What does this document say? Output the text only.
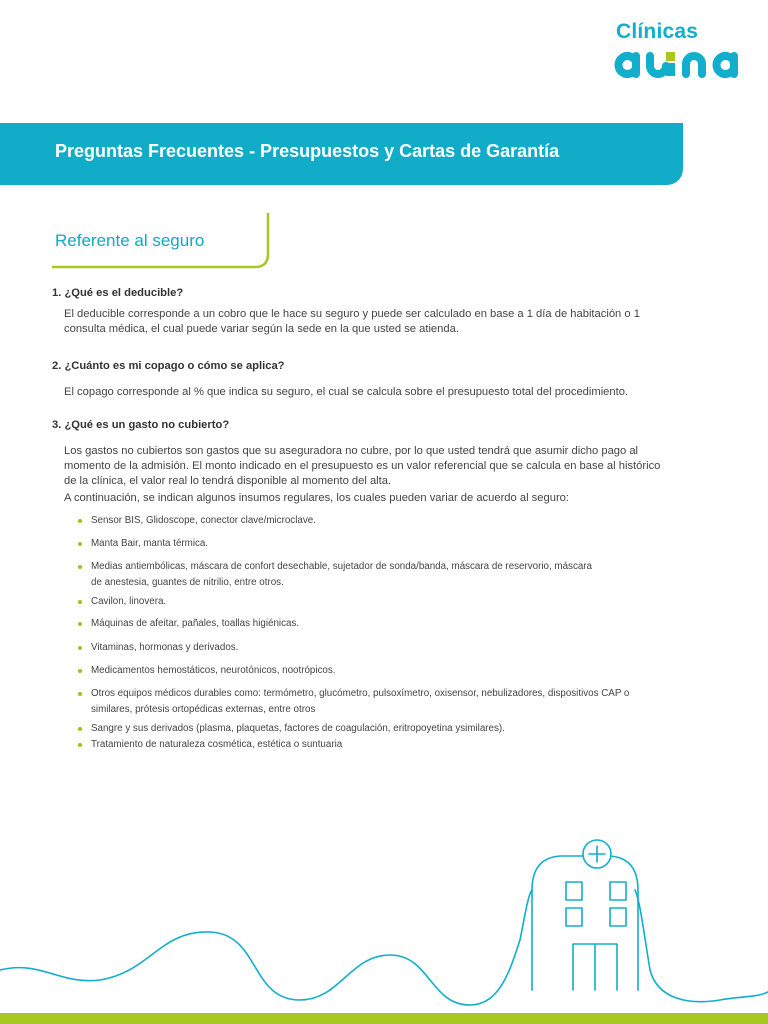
Clínicas
Preguntas Frecuentes - Presupuestos y Cartas de Garantía
Referente al seguro
1. ¿Qué es el deducible?
El deducible corresponde a un cobro que le hace su seguro y puede ser calculado en base a 1 día de habitación o 1 consulta médica, el cual puede variar según la sede en la que usted se atienda.
2. ¿Cuánto es mi copago o cómo se aplica?
El copago corresponde al % que indica su seguro, el cual se calcula sobre el presupuesto total del procedimiento.
3. ¿Qué es un gasto no cubierto?
Los gastos no cubiertos son gastos que su aseguradora no cubre, por lo que usted tendrá que asumir dicho pago al momento de la admisión. El monto indicado en el presupuesto es un valor referencial que se calcula en base al histórico de la clínica, el valor real lo tendrá disponible al momento del alta.
A continuación, se indican algunos insumos regulares, los cuales pueden variar de acuerdo al seguro:
Sensor BIS, Glidoscope, conector clave/microclave.
Manta Bair, manta térmica.
Medias antiembólicas, máscara de confort desechable, sujetador de sonda/banda, máscara de reservorio, máscara de anestesia, guantes de nitrilio, entre otros.
Cavilon, linovera.
Máquinas de afeitar, pañales, toallas higiénicas.
Vitaminas, hormonas y derivados.
Medicamentos hemostáticos, neurotónicos, nootrópicos.
Otros equipos médicos durables como: termómetro, glucómetro, pulsoxímetro, oxisensor, nebulizadores, dispositivos CAP o similares, prótesis ortopédicas externas, entre otros
Sangre y sus derivados (plasma, plaquetas, factores de coagulación, eritropoyetina ysimilares).
Tratamiento de naturaleza cosmética, estética o suntuaria
